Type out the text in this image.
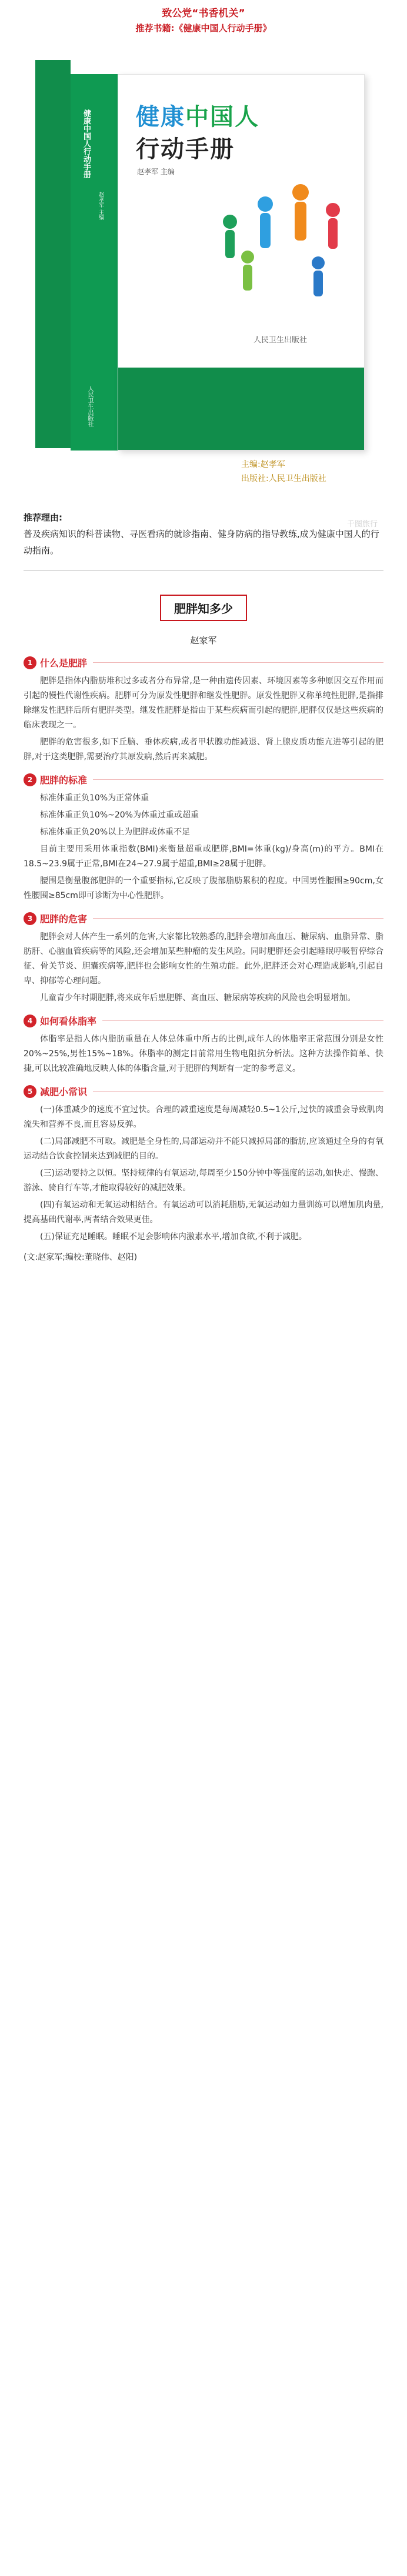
致公党“书香机关”
推荐书籍:《健康中国人行动手册》
健康中国人行动手册
赵孝军 主编
人民卫生出版社
健康中国人
行动手册
赵孝军 主编
人民卫生出版社
主编:赵孝军
出版社:人民卫生出版社
推荐理由:
普及疾病知识的科普读物、寻医看病的就诊指南、健身防病的指导教练,成为健康中国人的行动指南。
千图旅行
肥胖知多少
赵家军
1 什么是肥胖

肥胖是指体内脂肪堆积过多或者分布异常,是一种由遗传因素、环境因素等多种原因交互作用而引起的慢性代谢性疾病。肥胖可分为原发性肥胖和继发性肥胖。原发性肥胖又称单纯性肥胖,是指排除继发性肥胖后所有肥胖类型。继发性肥胖是指由于某些疾病而引起的肥胖,肥胖仅仅是这些疾病的临床表现之一。

肥胖的危害很多,如下丘脑、垂体疾病,或者甲状腺功能减退、肾上腺皮质功能亢进等引起的肥胖,对于这类肥胖,需要治疗其原发病,然后再来减肥。

2 肥胖的标准

标准体重正负10%为正常体重

标准体重正负10%~20%为体重过重或超重

标准体重正负20%以上为肥胖或体重不足

目前主要用采用体重指数(BMI)来衡量超重或肥胖,BMI=体重(kg)/身高(m)的平方。BMI在18.5~23.9属于正常,BMI在24~27.9属于超重,BMI≥28属于肥胖。

腰围是衡量腹部肥胖的一个重要指标,它反映了腹部脂肪累积的程度。中国男性腰围≥90cm,女性腰围≥85cm即可诊断为中心性肥胖。

3 肥胖的危害

肥胖会对人体产生一系列的危害,大家都比较熟悉的,肥胖会增加高血压、糖尿病、血脂异常、脂肪肝、心脑血管疾病等的风险,还会增加某些肿瘤的发生风险。同时肥胖还会引起睡眠呼吸暂停综合征、骨关节炎、胆囊疾病等,肥胖也会影响女性的生殖功能。此外,肥胖还会对心理造成影响,引起自卑、抑郁等心理问题。

儿童青少年时期肥胖,将来成年后患肥胖、高血压、糖尿病等疾病的风险也会明显增加。

4 如何看体脂率

体脂率是指人体内脂肪重量在人体总体重中所占的比例,成年人的体脂率正常范围分别是女性20%~25%,男性15%~18%。体脂率的测定目前常用生物电阻抗分析法。这种方法操作简单、快捷,可以比较准确地反映人体的体脂含量,对于肥胖的判断有一定的参考意义。

5 减肥小常识

(一)体重减少的速度不宜过快。合理的减重速度是每周减轻0.5~1公斤,过快的减重会导致肌肉流失和营养不良,而且容易反弹。

(二)局部减肥不可取。减肥是全身性的,局部运动并不能只减掉局部的脂肪,应该通过全身的有氧运动结合饮食控制来达到减肥的目的。

(三)运动要持之以恒。坚持规律的有氧运动,每周至少150分钟中等强度的运动,如快走、慢跑、游泳、骑自行车等,才能取得较好的减肥效果。

(四)有氧运动和无氧运动相结合。有氧运动可以消耗脂肪,无氧运动如力量训练可以增加肌肉量,提高基础代谢率,两者结合效果更佳。

(五)保证充足睡眠。睡眠不足会影响体内激素水平,增加食欲,不利于减肥。

(文:赵家军;编校:董晓伟、赵阳)
